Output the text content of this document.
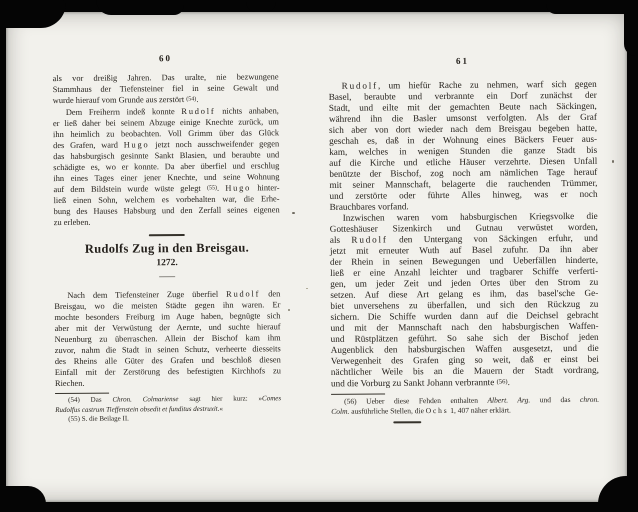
60
als vor dreißig Jahren. Das uralte, nie bezwungene
Stammhaus der Tiefensteiner fiel in seine Gewalt und
wurde hierauf vom Grunde aus zerstört (54).
Dem Freiherrn indeß konnte Rudolf nichts anhaben,
er ließ daher bei seinem Abzuge einige Knechte zurück, um
ihn heimlich zu beobachten. Voll Grimm über das Glück
des Grafen, ward Hugo jetzt noch ausschweifender gegen
das habsburgisch gesinnte Sankt Blasien, und beraubte und
schädigte es, wo er konnte. Da aber überfiel und erschlug
ihn eines Tages einer jener Knechte, und seine Wohnung
auf dem Bildstein wurde wüste gelegt (55). Hugo hinter-
ließ einen Sohn, welchem es vorbehalten war, die Erhe-
bung des Hauses Habsburg und den Zerfall seines eigenen
zu erleben.
Rudolfs Zug in den Breisgau.
1272.
Nach dem Tiefensteiner Zuge überfiel Rudolf den
Breisgau, wo die meisten Städte gegen ihn waren. Er
mochte besonders Freiburg im Auge haben, begnügte sich
aber mit der Verwüstung der Aernte, und suchte hierauf
Neuenburg zu überraschen. Allein der Bischof kam ihm
zuvor, nahm die Stadt in seinen Schutz, verheerte diesseits
des Rheins alle Güter des Grafen und beschloß diesen
Einfall mit der Zerstörung des befestigten Kirchhofs zu
Riechen.
(54) Das Chron. Colmariense sagt hier kurz: »Comes
Rudolfus castrum Tieffenstein obsedit et funditus destruxit.«
(55) S. die Beilage II.
61
Rudolf, um hiefür Rache zu nehmen, warf sich gegen
Basel, beraubte und verbrannte ein Dorf zunächst der
Stadt, und eilte mit der gemachten Beute nach Säckingen,
während ihn die Basler umsonst verfolgten. Als der Graf
sich aber von dort wieder nach dem Breisgau begeben hatte,
geschah es, daß in der Wohnung eines Bäckers Feuer aus-
kam, welches in wenigen Stunden die ganze Stadt bis
auf die Kirche und etliche Häuser verzehrte. Diesen Unfall
benützte der Bischof, zog noch am nämlichen Tage herauf
mit seiner Mannschaft, belagerte die rauchenden Trümmer,
und zerstörte oder führte Alles hinweg, was er noch
Brauchbares vorfand.
Inzwischen waren vom habsburgischen Kriegsvolke die
Gotteshäuser Sizenkirch und Gutnau verwüstet worden,
als Rudolf den Untergang von Säckingen erfuhr, und
jetzt mit erneuter Wuth auf Basel zufuhr. Da ihn aber
der Rhein in seinen Bewegungen und Ueberfällen hinderte,
ließ er eine Anzahl leichter und tragbarer Schiffe verferti-
gen, um jeder Zeit und jeden Ortes über den Strom zu
setzen. Auf diese Art gelang es ihm, das basel'sche Ge-
biet unversehens zu überfallen, und sich den Rückzug zu
sichern. Die Schiffe wurden dann auf die Deichsel gebracht
und mit der Mannschaft nach den habsburgischen Waffen-
und Rüstplätzen geführt. So sahe sich der Bischof jeden
Augenblick den habsburgischen Waffen ausgesetzt, und die
Verwegenheit des Grafen ging so weit, daß er einst bei
nächtlicher Weile bis an die Mauern der Stadt vordrang,
und die Vorburg zu Sankt Johann verbrannte (56).
(56) Ueber diese Fehden enthalten Albert. Arg. und das chron.
Colm. ausführliche Stellen, die Ochs 1, 407 näher erklärt.
